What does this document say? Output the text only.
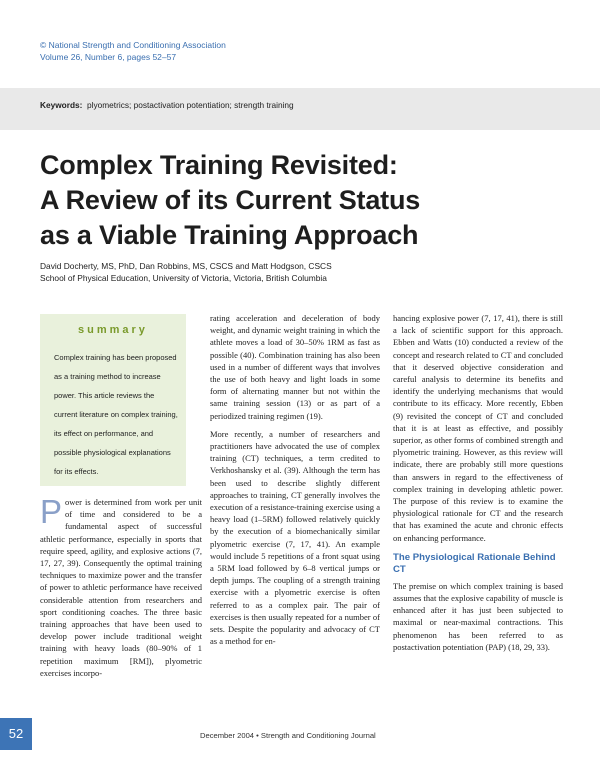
© National Strength and Conditioning Association
Volume 26, Number 6, pages 52–57
Keywords: plyometrics; postactivation potentiation; strength training
Complex Training Revisited:
A Review of its Current Status
as a Viable Training Approach
David Docherty, MS, PhD, Dan Robbins, MS, CSCS and Matt Hodgson, CSCS
School of Physical Education, University of Victoria, Victoria, British Columbia
summary
Complex training has been proposed as a training method to increase power. This article reviews the current literature on complex training, its effect on performance, and possible physiological explanations for its effects.

Power is determined from work per unit of time and considered to be a fundamental aspect of successful athletic performance, especially in sports that require speed, agility, and explosive actions (7, 17, 27, 39). Consequently the optimal training techniques to maximize power and the transfer of power to athletic performance have received considerable attention from researchers and sport conditioning coaches. The three basic training approaches that have been used to develop power include traditional weight training with heavy loads (80–90% of 1 repetition maximum [RM]), plyometric exercises incorpo-

rating acceleration and deceleration of body weight, and dynamic weight training in which the athlete moves a load of 30–50% 1RM as fast as possible (40). Combination training has also been used in a number of different ways that involves the use of both heavy and light loads in some form of alternating manner but not within the same training session (13) or as part of a periodized training regimen (19).

More recently, a number of researchers and practitioners have advocated the use of complex training (CT) techniques, a term credited to Verkhoshansky et al. (39). Although the term has been used to describe slightly different approaches to training, CT generally involves the execution of a resistance-training exercise using a heavy load (1–5RM) followed relatively quickly by the execution of a biomechanically similar plyometric exercise (7, 17, 41). An example would include 5 repetitions of a front squat using a 5RM load followed by 6–8 vertical jumps or depth jumps. The coupling of a strength training exercise with a plyometric exercise is often referred to as a complex pair. The pair of exercises is then usually repeated for a number of sets. Despite the popularity and advocacy of CT as a method for en-

hancing explosive power (7, 17, 41), there is still a lack of scientific support for this approach. Ebben and Watts (10) conducted a review of the concept and research related to CT and concluded that it deserved objective consideration and careful analysis to determine its benefits and identify the underlying mechanisms that would contribute to its efficacy. More recently, Ebben (9) revisited the concept of CT and concluded that it is at least as effective, and possibly superior, as other forms of combined strength and plyometric training. However, as this review will indicate, there are probably still more questions than answers in regard to the effectiveness of complex training in developing athletic power. The purpose of this review is to examine the physiological rationale for CT and the research that has examined the acute and chronic effects on enhancing performance.

The Physiological Rationale Behind CT

The premise on which complex training is based assumes that the explosive capability of muscle is enhanced after it has just been subjected to maximal or near-maximal contractions. This phenomenon has been referred to as postactivation potentiation (PAP) (18, 29, 33).

52	December 2004 • Strength and Conditioning Journal
